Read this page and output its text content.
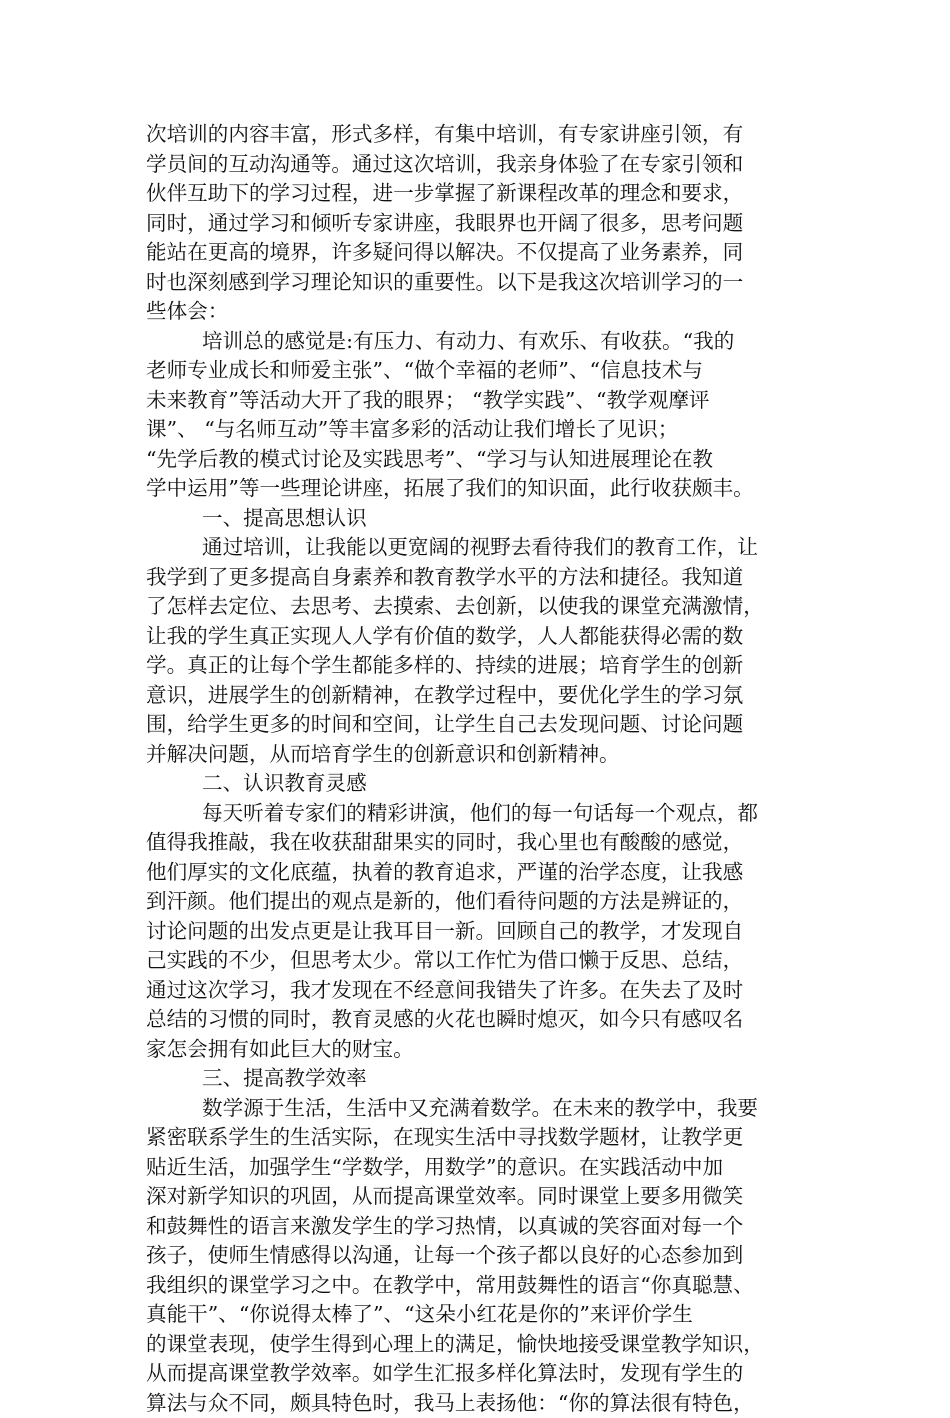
次培训的内容丰富，形式多样，有集中培训，有专家讲座引领，有
学员间的互动沟通等。通过这次培训，我亲身体验了在专家引领和
伙伴互助下的学习过程，进一步掌握了新课程改革的理念和要求，
同时，通过学习和倾听专家讲座，我眼界也开阔了很多，思考问题
能站在更高的境界，许多疑问得以解决。不仅提高了业务素养，同
时也深刻感到学习理论知识的重要性。以下是我这次培训学习的一
些体会：
培训总的感觉是:有压力、有动力、有欢乐、有收获。“我的
老师专业成长和师爱主张”、“做个幸福的老师”、“信息技术与
未来教育”等活动大开了我的眼界； “教学实践”、“教学观摩评
课”、 “与名师互动”等丰富多彩的活动让我们增长了见识；
“先学后教的模式讨论及实践思考”、“学习与认知进展理论在教
学中运用”等一些理论讲座，拓展了我们的知识面，此行收获颇丰。
一、提高思想认识
通过培训，让我能以更宽阔的视野去看待我们的教育工作，让
我学到了更多提高自身素养和教育教学水平的方法和捷径。我知道
了怎样去定位、去思考、去摸索、去创新，以使我的课堂充满激情，
让我的学生真正实现人人学有价值的数学，人人都能获得必需的数
学。真正的让每个学生都能多样的、持续的进展；培育学生的创新
意识，进展学生的创新精神，在教学过程中，要优化学生的学习氛
围，给学生更多的时间和空间，让学生自己去发现问题、讨论问题
并解决问题，从而培育学生的创新意识和创新精神。
二、认识教育灵感
每天听着专家们的精彩讲演，他们的每一句话每一个观点，都
值得我推敲，我在收获甜甜果实的同时，我心里也有酸酸的感觉，
他们厚实的文化底蕴，执着的教育追求，严谨的治学态度，让我感
到汗颜。他们提出的观点是新的，他们看待问题的方法是辨证的，
讨论问题的出发点更是让我耳目一新。回顾自己的教学，才发现自
己实践的不少，但思考太少。常以工作忙为借口懒于反思、总结，
通过这次学习，我才发现在不经意间我错失了许多。在失去了及时
总结的习惯的同时，教育灵感的火花也瞬时熄灭，如今只有感叹名
家怎会拥有如此巨大的财宝。
三、提高教学效率
数学源于生活，生活中又充满着数学。在未来的教学中，我要
紧密联系学生的生活实际，在现实生活中寻找数学题材，让教学更
贴近生活，加强学生“学数学，用数学”的意识。在实践活动中加
深对新学知识的巩固，从而提高课堂效率。同时课堂上要多用微笑
和鼓舞性的语言来激发学生的学习热情，以真诚的笑容面对每一个
孩子，使师生情感得以沟通，让每一个孩子都以良好的心态参加到
我组织的课堂学习之中。在教学中，常用鼓舞性的语言“你真聪慧、
真能干”、“你说得太棒了”、“这朵小红花是你的”来评价学生
的课堂表现，使学生得到心理上的满足，愉快地接受课堂教学知识，
从而提高课堂教学效率。如学生汇报多样化算法时，发现有学生的
算法与众不同，颇具特色时，我马上表扬他：“你的算法很有特色，
